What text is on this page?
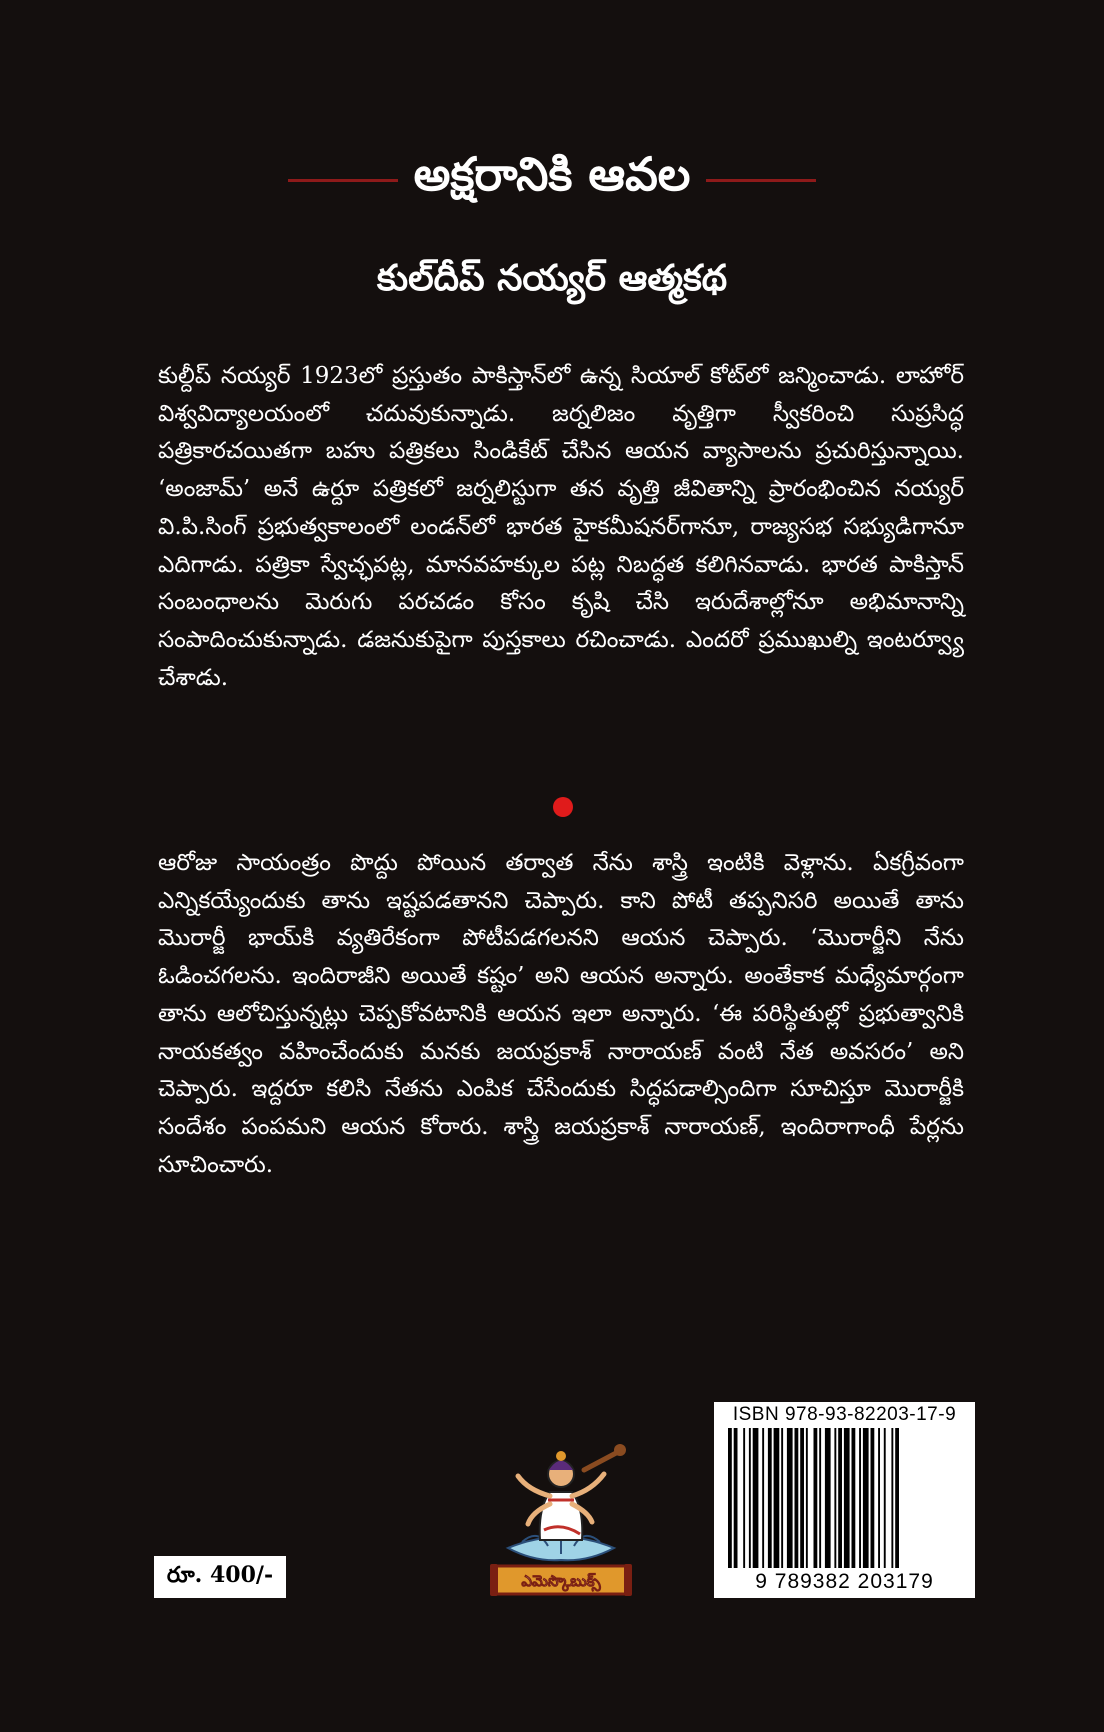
అక్షరానికి ఆవల
కుల్‌దీప్ నయ్యర్ ఆత్మకథ
కుల్దీప్ నయ్యర్ 1923లో ప్రస్తుతం పాకిస్తాన్‌లో ఉన్న సియాల్ కోట్‌లో జన్మించాడు. లాహోర్ విశ్వవిద్యాలయంలో చదువుకున్నాడు. జర్నలిజం వృత్తిగా స్వీకరించి సుప్రసిద్ధ పత్రికారచయితగా బహు పత్రికలు సిండికేట్ చేసిన ఆయన వ్యాసాలను ప్రచురిస్తున్నాయి. ‘అంజామ్’ అనే ఉర్దూ పత్రికలో జర్నలిస్టుగా తన వృత్తి జీవితాన్ని ప్రారంభించిన నయ్యర్ వి.పి.సింగ్ ప్రభుత్వకాలంలో లండన్‌లో భారత హైకమీషనర్‌గానూ, రాజ్యసభ సభ్యుడిగానూ ఎదిగాడు. పత్రికా స్వేచ్ఛపట్ల, మానవహక్కుల పట్ల నిబద్ధత కలిగినవాడు. భారత పాకిస్తాన్ సంబంధాలను మెరుగు పరచడం కోసం కృషి చేసి ఇరుదేశాల్లోనూ అభిమానాన్ని సంపాదించుకున్నాడు. డజనుకుపైగా పుస్తకాలు రచించాడు. ఎందరో ప్రముఖుల్ని ఇంటర్వ్యూ చేశాడు.
ఆరోజు సాయంత్రం పొద్దు పోయిన తర్వాత నేను శాస్త్రి ఇంటికి వెళ్లాను. ఏకగ్రీవంగా ఎన్నికయ్యేందుకు తాను ఇష్టపడతానని చెప్పారు. కాని పోటీ తప్పనిసరి అయితే తాను మొరార్జీ భాయ్‌కి వ్యతిరేకంగా పోటీపడగలనని ఆయన చెప్పారు. ‘మొరార్జీని నేను ఓడించగలను. ఇందిరాజీని అయితే కష్టం’ అని ఆయన అన్నారు. అంతేకాక మధ్యేమార్గంగా తాను ఆలోచిస్తున్నట్లు చెప్పకోవటానికి ఆయన ఇలా అన్నారు. ‘ఈ పరిస్థితుల్లో ప్రభుత్వానికి నాయకత్వం వహించేందుకు మనకు జయప్రకాశ్ నారాయణ్ వంటి నేత అవసరం’ అని చెప్పారు. ఇద్దరూ కలిసి నేతను ఎంపిక చేసేందుకు సిద్ధపడాల్సిందిగా సూచిస్తూ మొరార్జీకి సందేశం పంపమని ఆయన కోరారు. శాస్త్రి జయప్రకాశ్ నారాయణ్, ఇందిరాగాంధీ పేర్లను సూచించారు.
రూ. 400/-	ఎమెస్కొబుక్స్
ISBN 978-93-82203-17-9
9 789382 203179
